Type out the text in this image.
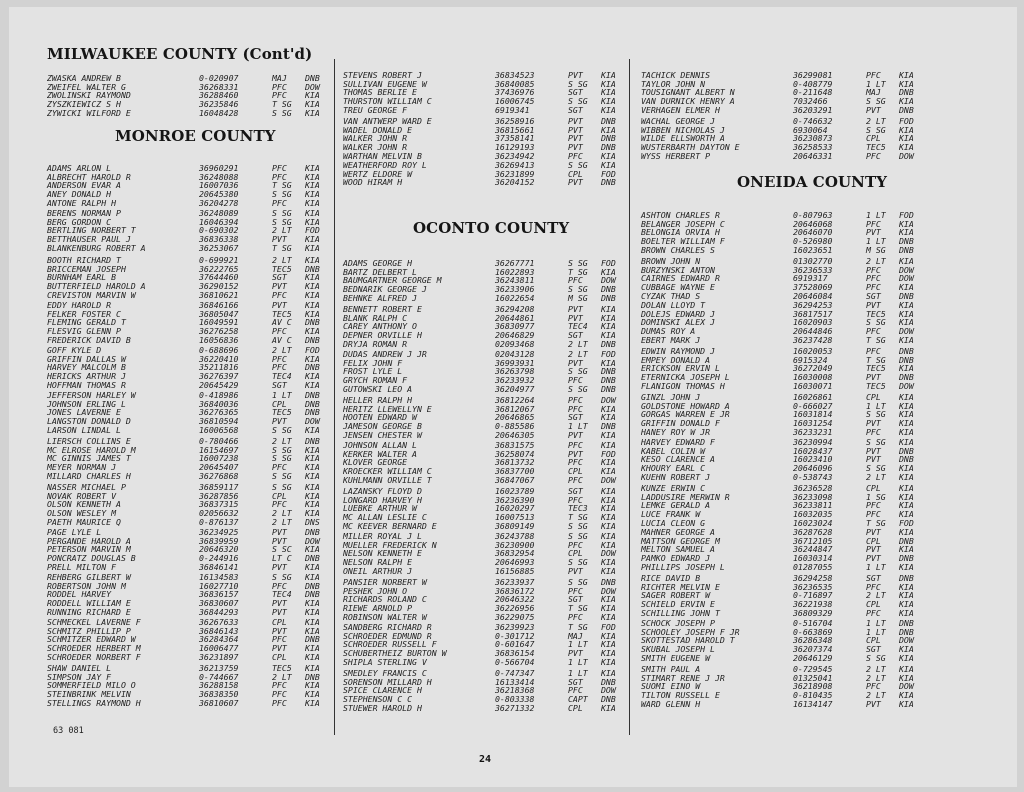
MILWAUKEE COUNTY (Cont'd)
MONROE COUNTY
ZWASKA ANDREW B	0-020907	MAJ DNB
ZWEIFEL WALTER G	36268331	PFC DOW
ZWOLINSKI RAYMOND	36288460	PFC KIA
ZYSZKIEWICZ S H	36235846	T SG KIA
ZYWICKI WILFORD E	16048428	S SG KIA
ADAMS ARLON L	36960291	PFC KIA
ALBRECHT HAROLD R	36248088	PFC KIA
ANDERSON EVAR A	16007036	T SG KIA
ANEY DONALD H	20645380	S SG KIA
ANTONE RALPH H	36204278	PFC KIA
BERENS NORMAN P	36248089	S SG KIA
BERG GORDON C	16046394	S SG KIA
BERTLING NORBERT T	0-690302	2 LT FOD
BETTHAUSER PAUL J	36836338	PVT KIA
BLANKENBURG ROBERT A	36253067	T SG KIA
BOOTH RICHARD T	0-699921	2 LT KIA
BRICCEMAN JOSEPH	36222765	TEC5 DNB
BURNHAM EARL B	37644460	SGT KIA
BUTTERFIELD HAROLD A	36290152	PVT KIA
CREVISTON MARVIN W	36810621	PFC KIA
EDDY HAROLD R	36846166	PVT KIA
FELKER FOSTER C	36805047	TEC5 KIA
FLEMING GERALD T	16049591	AV C DNB
FLESVIG GLENN P	36276258	PFC KIA
FREDERICK DAVID B	16056836	AV C DNB
GOFF KYLE D	0-688696	2 LT FOD
GRIFFIN DALLAS W	36220410	PFC KIA
HARVEY MALCOLM B	35211816	PFC DNB
HERICKS ARTHUR J	36276397	TEC4 KIA
HOFFMAN THOMAS R	20645429	SGT KIA
JEFFERSON HARLEY W	0-418986	1 LT DNB
JOHNSON ERLING L	36840036	CPL DNB
JONES LAVERNE E	36276365	TEC5 DNB
LANGSTON DONALD D	36810594	PVT DOW
LARSON LINDAL L	16006568	S SG KIA
LIERSCH COLLINS E	0-780466	2 LT DNB
MC ELROSE HAROLD M	16154697	S SG KIA
MC GINNIS JAMES T	16007238	S SG KIA
MEYER NORMAN J	20645407	PFC KIA
MILLARD CHARLES H	36276868	S SG KIA
NASSER MICHAEL P	36859117	S SG KIA
NOVAK ROBERT V	36287856	CPL KIA
OLSON KENNETH A	36837315	PFC KIA
OLSON WESLEY M	02056632	2 LT KIA
PAETH MAURICE Q	0-876137	2 LT DNS
PAGE LYLE L	36234925	PVT DNB
PERGANDE HAROLD A	36839959	PVT DOW
PETERSON MARVIN M	20646320	S SC KIA
PONCRATZ DOUGLAS B	0-244916	LT C DNB
PRELL MILTON F	36846141	PVT KIA
REHBERG GILBERT W	16134583	S SG KIA
ROBERTSON JOHN M	16027710	PFC DNB
RODDEL HARVEY	36836157	TEC4 DNB
RODDELL WILLIAM E	36830607	PVT KIA
RUNNING RICHARD E	36844293	PVT KIA
SCHMECKEL LAVERNE F	36267633	CPL KIA
SCHMITZ PHILLIP P	36846143	PVT KIA
SCHMITZER EDWARD W	36284364	PFC DNB
SCHROEDER HERBERT M	16006477	PVT KIA
SCHROEDER NORBERT F	36231897	CPL KIA
SHAW DANIEL L	36213759	TEC5 KIA
SIMPSON JAY F	0-744667	2 LT DNB
SOMMERFIELD MILO O	36288158	PFC KIA
STEINBRINK MELVIN	36838350	PFC KIA
STELLINGS RAYMOND H	36810607	PFC KIA
OCONTO COUNTY
STEVENS ROBERT J	36834523	PVT KIA
SULLIVAN EUGENE W	36840085	S SG KIA
THOMAS BERLIE E	37436976	SGT KIA
THURSTON WILLIAM C	16006745	S SG KIA
TREU GEORGE F	6919341	SGT KIA
VAN ANTWERP WARD E	36258916	PVT DNB
WADEL DONALD E	36815661	PVT KIA
WALKER JOHN R	37358141	PVT DNB
WALKER JOHN R	16129193	PVT DNB
WARTHAN MELVIN B	36234942	PFC KIA
WEATHERFORD ROY L	36269413	S SG KIA
WERTZ ELDORE W	36231899	CPL FOD
WOOD HIRAM H	36204152	PVT DNB
ADAMS GEORGE H	36267771	S SG FOD
BARTZ DELBERT L	16022893	T SG KIA
BAUMGARTNER GEORGE M	36243811	PFC DOW
BEDNARIK GEORGE J	36233906	S SG DNB
BEHNKE ALFRED J	16022654	M SG DNB
BENNETT ROBERT E	36294208	PVT KIA
BLANK RALPH C	20644861	PVT KIA
CAREY ANTHONY O	36830977	TEC4 KIA
DEPNER ORVILLE H	20646829	SGT KIA
DRYJA ROMAN R	02093468	2 LT DNB
DUDAS ANDREW J JR	02043128	2 LT FOD
FELIX JOHN F	36993931	PVT KIA
FROST LYLE L	36263798	S SG DNB
GRYCH ROMAN F	36233932	PFC DNB
GUTOWSKI LEO A	36204977	S SG DNB
HELLER RALPH H	36812264	PFC DOW
HERITZ LLEWELLYN E	36812067	PFC KIA
HOOTEN EDWARD W	20646865	SGT KIA
JAMESON GEORGE B	0-885586	1 LT DNB
JENSEN CHESTER W	20646305	PVT KIA
JOHNSON ALLAN L	36831575	PFC KIA
KERKER WALTER A	36258074	PVT FOD
KLOVER GEORGE	36813732	PFC KIA
KROECKER WILLIAM C	36837700	CPL KIA
KUHLMANN ORVILLE T	36847067	PFC DOW
LAZANSKY FLOYD D	16023789	SGT KIA
LONGARD HARVEY H	36236390	PFC KIA
LUEBKE ARTHUR W	16020297	TEC3 KIA
MC ALLAN LESLIE C	16007513	T SG KIA
MC KEEVER BERNARD E	36809149	S SG KIA
MILLER ROYAL J L	36243788	S SG KIA
MUELLER FREDERICK N	36230900	PFC KIA
NELSON KENNETH E	36832954	CPL DOW
NELSON RALPH E	20646993	S SG KIA
ONEIL ARTHUR J	16156885	PVT KIA
PANSIER NORBERT W	36233937	S SG DNB
PESHEK JOHN O	36836172	PFC DOW
RICHARDS ROLAND C	20646322	SGT KIA
RIEWE ARNOLD P	36226956	T SG KIA
ROBINSON WALTER W	36229075	PFC KIA
SANDBERG RICHARD R	36239923	T SG FOD
SCHROEDER EDMUND R	0-301712	MAJ KIA
SCHROEDER RUSSELL F	0-601647	1 LT KIA
SCHUBERTHEIZ BURTON W	36836154	PVT KIA
SHIPLA STERLING V	0-566704	1 LT KIA
SMEDLEY FRANCIS C	0-747347	1 LT KIA
SORENSON MILLARD H	16133414	SGT DNB
SPICE CLARENCE H	36218368	PFC DOW
STEPHENSON C C	0-803338	CAPT DNB
STUEWER HAROLD H	36271332	CPL KIA
ONEIDA COUNTY
TACHICK DENNIS	36299081	PFC KIA
TAYLOR JOHN N	0-408779	1 LT KIA
TOUSIGNANT ALBERT N	0-211648	MAJ DNB
VAN DURNICK HENRY A	7032466	S SG KIA
VERHAGEN ELMER H	36203291	PVT DNB
WACHAL GEORGE J	0-746632	2 LT FOD
WIBBEN NICHOLAS J	6930064	S SG KIA
WILDE ELLSWORTH A	36230873	CPL KIA
WUSTERBARTH DAYTON E	36258533	TEC5 KIA
WYSS HERBERT P	20646331	PFC DOW
ASHTON CHARLES R	0-807963	1 LT FOD
BELANGER JOSEPH C	20646068	PFC KIA
BELONGIA ORVIA H	20646070	PVT KIA
BOELTER WILLIAM F	0-526980	1 LT DNB
BROWN CHARLES S	16023651	M SG DNB
BROWN JOHN N	01302770	2 LT KIA
BURZYNSKI ANTON	36236533	PFC DOW
CAIRNES EDWARD R	6919317	PFC DOW
CUBBAGE WAYNE E	37528069	PFC KIA
CYZAK THAD S	20646084	SGT DNB
DOLAN LLOYD T	36294253	PVT KIA
DOLEJS EDWARD J	36817517	TEC5 KIA
DOMINSKI ALEX J	16020903	S SG KIA
DUMAS ROY A	20644846	PFC DOW
EBERT MARK J	36237428	T SG KIA
EDWIN RAYMOND J	16020053	PFC DNB
EMPEY DONALD A	6915324	T SG DNB
ERICKSON ERVIN L	36272049	TEC5 KIA
ETERNICKA JOSEPH L	16030008	PVT DNB
FLANIGON THOMAS H	16030071	TEC5 DOW
GINZL JOHN J	16026861	CPL KIA
GOLDSTONE HOWARD A	0-666027	1 LT KIA
GORGAS WARREN E JR	16031814	S SG KIA
GRIFFIN DONALD F	16031254	PVT KIA
HANEY ROY W JR	36233231	PFC KIA
HARVEY EDWARD F	36230994	S SG KIA
KABEL COLIN W	16028437	PVT DNB
KESO CLARENCE A	16023410	PVT DNB
KHOURY EARL C	20646096	S SG KIA
KUEHN ROBERT J	0-538743	2 LT KIA
KUNZE ERWIN C	36236528	CPL KIA
LADDUSIRE MERWIN R	36233098	1 SG KIA
LEMKE GERALD A	36233811	PFC KIA
LUCE FRANK W	16032035	PFC KIA
LUCIA CLEON G	16023024	T SG FOD
MAHNER GEORGE A	36287628	PVT KIA
MATTSON GEORGE M	36712105	CPL DNB
MELTON SAMUEL A	36244847	PVT KIA
PAMKO EDWARD J	16030314	PVT DNB
PHILLIPS JOSEPH L	01287055	1 LT KIA
RICE DAVID B	36294258	SGT DNB
RICHTER MELVIN E	36236535	PFC KIA
SAGER ROBERT W	0-716897	2 LT KIA
SCHIELD ERVIN E	36221938	CPL KIA
SCHILLING JOHN T	36809329	PFC KIA
SCHOCK JOSEPH P	0-516704	1 LT DNB
SCHOOLEY JOSEPH F JR	0-663869	1 LT DNB
SKOTTESTAD HAROLD T	36286348	CPL DOW
SKUBAL JOSEPH L	36207374	SGT KIA
SMITH EUGENE W	20646129	S SG KIA
SMITH PAUL A	0-729545	2 LT KIA
STIMART RENE J JR	01325041	2 LT KIA
SUOMI EINO W	36218908	PFC DOW
TILTON RUSSELL E	0-810435	2 LT KIA
WARD GLENN H	16134147	PVT KIA
63 081
24
